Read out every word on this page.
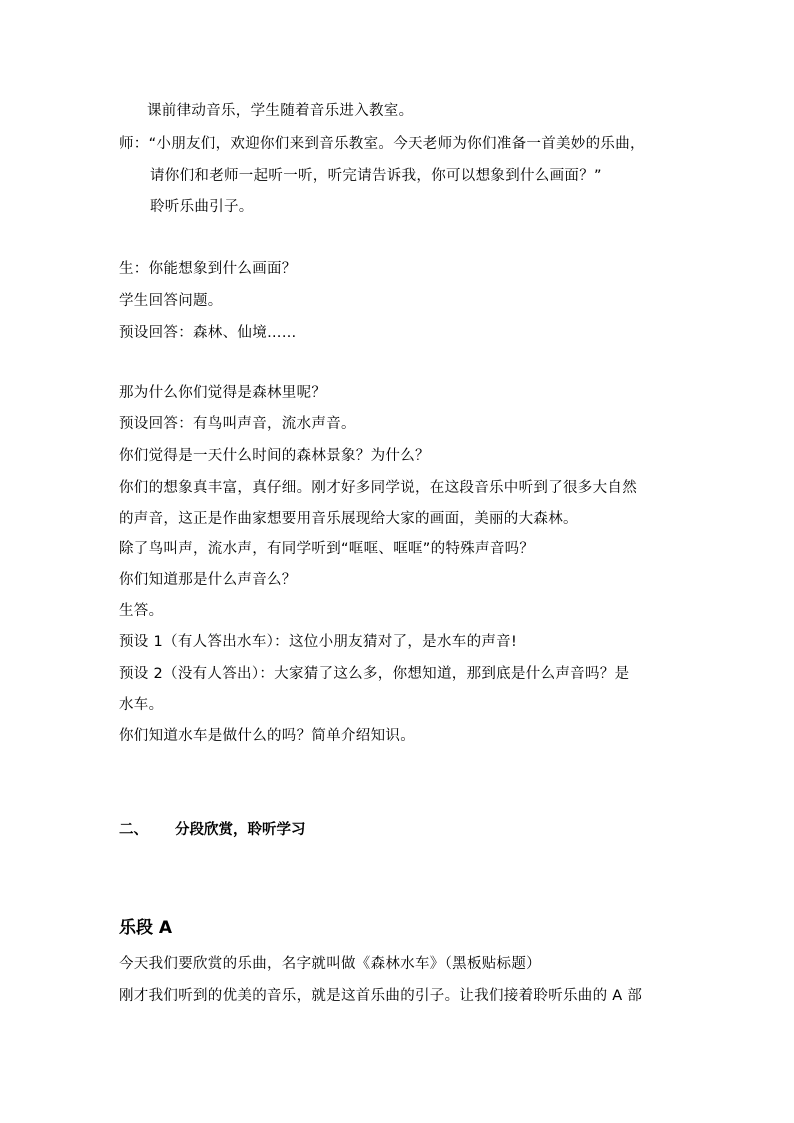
课前律动音乐，学生随着音乐进入教室。
师：“小朋友们，欢迎你们来到音乐教室。今天老师为你们准备一首美妙的乐曲，
请你们和老师一起听一听，听完请告诉我，你可以想象到什么画面？”
聆听乐曲引子。
生：你能想象到什么画面？
学生回答问题。
预设回答：森林、仙境……
那为什么你们觉得是森林里呢？
预设回答：有鸟叫声音，流水声音。
你们觉得是一天什么时间的森林景象？为什么？
你们的想象真丰富，真仔细。刚才好多同学说，在这段音乐中听到了很多大自然
的声音，这正是作曲家想要用音乐展现给大家的画面，美丽的大森林。
除了鸟叫声，流水声，有同学听到“哐哐、哐哐”的特殊声音吗？
你们知道那是什么声音么？
生答。
预设 1（有人答出水车）：这位小朋友猜对了，是水车的声音!
预设 2（没有人答出）：大家猜了这么多，你想知道，那到底是什么声音吗？是
水车。
你们知道水车是做什么的吗？简单介绍知识。
二、 分段欣赏，聆听学习
乐段 A
今天我们要欣赏的乐曲，名字就叫做《森林水车》（黑板贴标题）
刚才我们听到的优美的音乐，就是这首乐曲的引子。让我们接着聆听乐曲的 A 部
